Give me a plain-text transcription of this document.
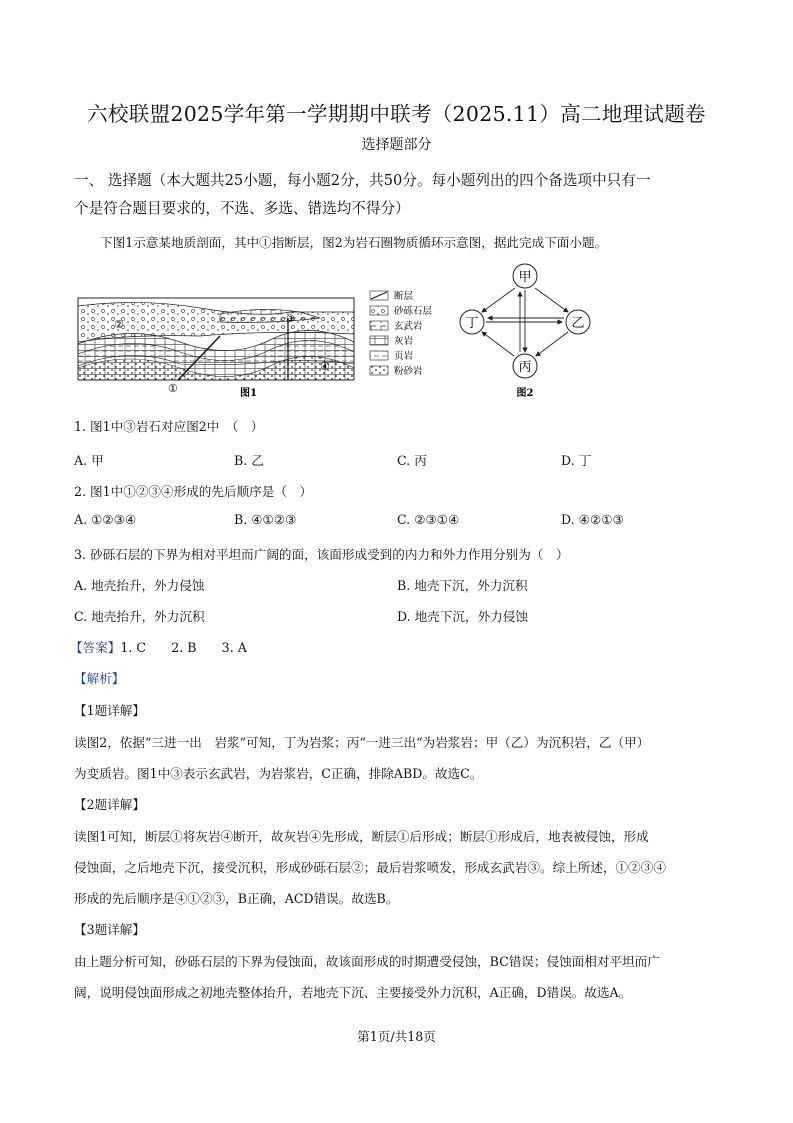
六校联盟2025学年第一学期期中联考（2025.11）高二地理试题卷
选择题部分
一、 选择题（本大题共25小题，每小题2分，共50分。每小题列出的四个备选项中只有一
个是符合题目要求的，不选、多选、错选均不得分）
下图1示意某地质剖面，其中①指断层，图2为岩石圈物质循环示意图，据此完成下面小题。
①
②	③
④
图1
断层
砂砾石层
玄武岩
灰岩
页岩
粉砂岩
甲
乙
丙
丁
图2
1. 图1中③岩石对应图2中　（　）
A. 甲	B. 乙	C. 丙	D. 丁
2. 图1中①②③④形成的先后顺序是（　）
A. ①②③④	B. ④①②③	C. ②③①④	D. ④②①③
3. 砂砾石层的下界为相对平坦而广阔的面，该面形成受到的内力和外力作用分别为（　）
A. 地壳抬升，外力侵蚀	B. 地壳下沉，外力沉积
C. 地壳抬升，外力沉积	D. 地壳下沉，外力侵蚀
【答案】1. C　　2. B　　3. A
【解析】
【1题详解】
读图2，依据“三进一出　岩浆”可知，丁为岩浆；丙“一进三出“为岩浆岩；甲（乙）为沉积岩，乙（甲）
为变质岩。图1中③表示玄武岩，为岩浆岩，C正确，排除ABD。故选C。
【2题详解】
读图1可知，断层①将灰岩④断开，故灰岩④先形成，断层①后形成；断层①形成后，地表被侵蚀，形成
侵蚀面，之后地壳下沉，接受沉积，形成砂砾石层②；最后岩浆喷发，形成玄武岩③。综上所述，①②③④
形成的先后顺序是④①②③，B正确，ACD错误。故选B。
【3题详解】
由上题分析可知，砂砾石层的下界为侵蚀面，故该面形成的时期遭受侵蚀，BC错误；侵蚀面相对平坦而广
阔，说明侵蚀面形成之初地壳整体抬升，若地壳下沉、主要接受外力沉积，A正确，D错误。故选A。
第1页/共18页
